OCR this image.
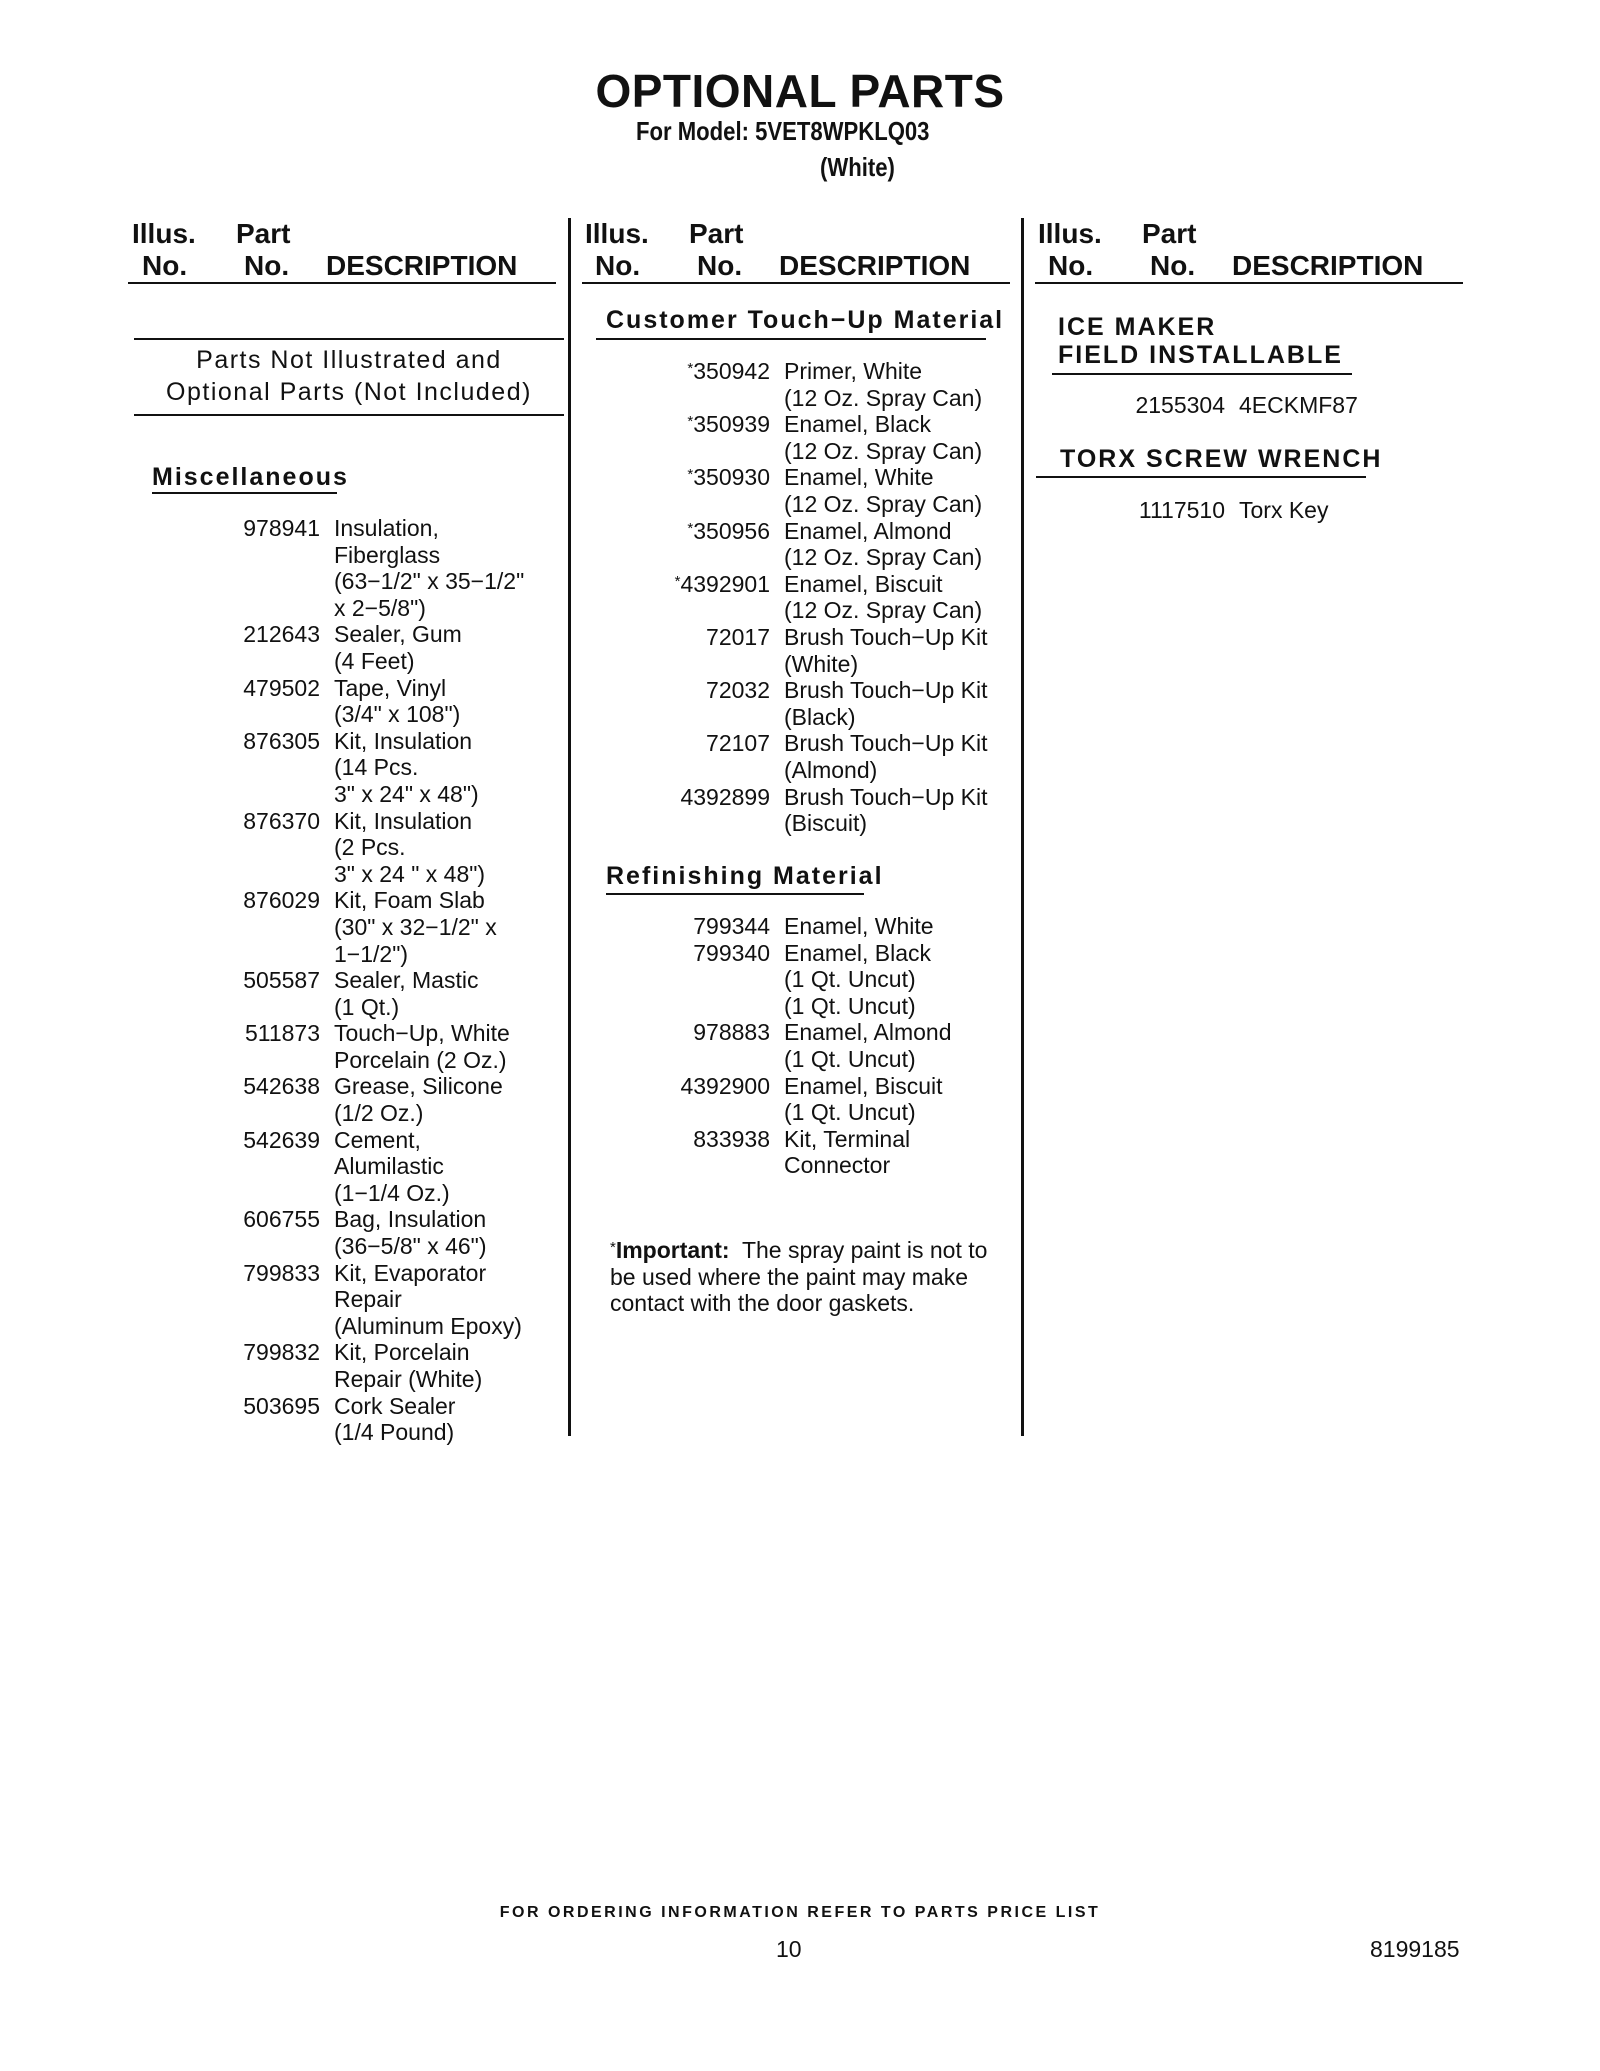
OPTIONAL PARTS
For Model: 5VET8WPKLQ03
(White)
Illus.
No.
Part
No. DESCRIPTION
Illus.
No.
Part
No. DESCRIPTION
Illus.
No.
Part
No. DESCRIPTION
Parts Not Illustrated and
Optional Parts (Not Included)
Miscellaneous
978941 Insulation,
Fiberglass
(63−1/2" x 35−1/2"
x 2−5/8")
212643 Sealer, Gum
(4 Feet)
479502 Tape, Vinyl
(3/4" x 108")
876305 Kit, Insulation
(14 Pcs.
3" x 24" x 48")
876370 Kit, Insulation
(2 Pcs.
3" x 24 " x 48")
876029 Kit, Foam Slab
(30" x 32−1/2" x
1−1/2")
505587 Sealer, Mastic
(1 Qt.)
511873 Touch−Up, White
Porcelain (2 Oz.)
542638 Grease, Silicone
(1/2 Oz.)
542639 Cement,
Alumilastic
(1−1/4 Oz.)
606755 Bag, Insulation
(36−5/8" x 46")
799833 Kit, Evaporator
Repair
(Aluminum Epoxy)
799832 Kit, Porcelain
Repair (White)
503695 Cork Sealer
(1/4 Pound)
Customer Touch−Up Material
*350942 Primer, White
(12 Oz. Spray Can)
*350939 Enamel, Black
(12 Oz. Spray Can)
*350930 Enamel, White
(12 Oz. Spray Can)
*350956 Enamel, Almond
(12 Oz. Spray Can)
*4392901 Enamel, Biscuit
(12 Oz. Spray Can)
72017 Brush Touch−Up Kit
(White)
72032 Brush Touch−Up Kit
(Black)
72107 Brush Touch−Up Kit
(Almond)
4392899 Brush Touch−Up Kit
(Biscuit)
Refinishing Material
799344 Enamel, White
799340 Enamel, Black
(1 Qt. Uncut)
(1 Qt. Uncut)
978883 Enamel, Almond
(1 Qt. Uncut)
4392900 Enamel, Biscuit
(1 Qt. Uncut)
833938 Kit, Terminal
Connector
*Important: The spray paint is not to be used where the paint may make contact with the door gaskets.
ICE MAKER
FIELD INSTALLABLE
2155304 4ECKMF87
TORX SCREW WRENCH
1117510 Torx Key
FOR ORDERING INFORMATION REFER TO PARTS PRICE LIST
10	8199185
